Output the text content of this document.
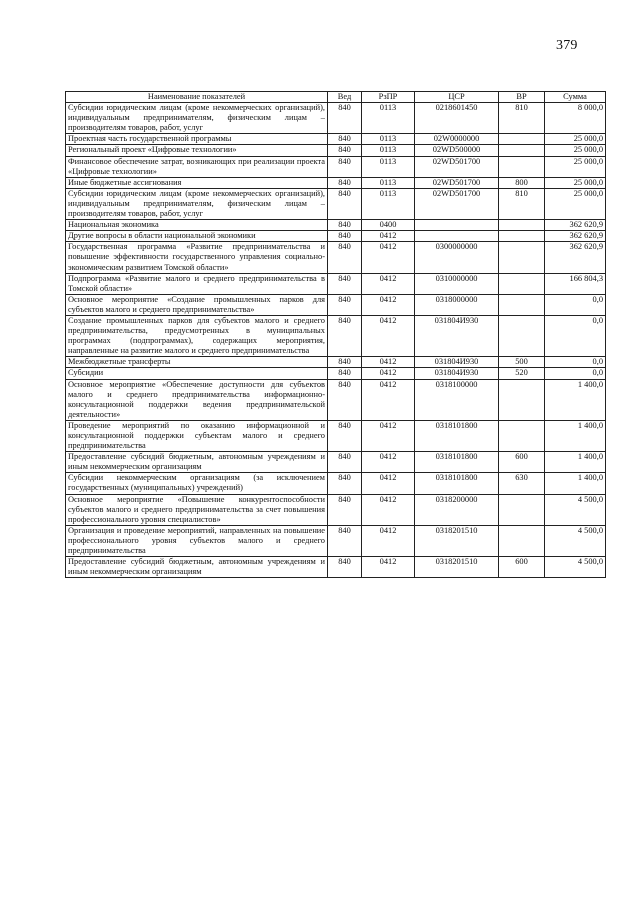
379
Наименование показателей	Вед	РзПР	ЦСР	ВР	Сумма
Субсидии юридическим лицам (кроме некоммерческих организаций), индивидуальным предпринимателям, физическим лицам – производителям товаров, работ, услуг	840	0113	0218601450	810	8 000,0
Проектная часть государственной программы	840	0113	02W0000000		25 000,0
Региональный проект «Цифровые технологии»	840	0113	02WD500000		25 000,0
Финансовое обеспечение затрат, возникающих при реализации проекта «Цифровые технологии»	840	0113	02WD501700		25 000,0
Иные бюджетные ассигнования	840	0113	02WD501700	800	25 000,0
Субсидии юридическим лицам (кроме некоммерческих организаций), индивидуальным предпринимателям, физическим лицам – производителям товаров, работ, услуг	840	0113	02WD501700	810	25 000,0
Национальная экономика	840	0400			362 620,9
Другие вопросы в области национальной экономики	840	0412			362 620,9
Государственная программа «Развитие предпринимательства и повышение эффективности государственного управления социально-экономическим развитием Томской области»	840	0412	0300000000		362 620,9
Подпрограмма «Развитие малого и среднего предпринимательства в Томской области»	840	0412	0310000000		166 804,3
Основное мероприятие «Создание промышленных парков для субъектов малого и среднего предпринимательства»	840	0412	0318000000		0,0
Создание промышленных парков для субъектов малого и среднего предпринимательства, предусмотренных в муниципальных программах (подпрограммах), содержащих мероприятия, направленные на развитие малого и среднего предпринимательства	840	0412	031804И930		0,0
Межбюджетные трансферты	840	0412	031804И930	500	0,0
Субсидии	840	0412	031804И930	520	0,0
Основное мероприятие «Обеспечение доступности для субъектов малого и среднего предпринимательства информационно-консультационной поддержки ведения предпринимательской деятельности»	840	0412	0318100000		1 400,0
Проведение мероприятий по оказанию информационной и консультационной поддержки субъектам малого и среднего предпринимательства	840	0412	0318101800		1 400,0
Предоставление субсидий бюджетным, автономным учреждениям и иным некоммерческим организациям	840	0412	0318101800	600	1 400,0
Субсидии некоммерческим организациям (за исключением государственных (муниципальных) учреждений)	840	0412	0318101800	630	1 400,0
Основное мероприятие «Повышение конкурентоспособности субъектов малого и среднего предпринимательства за счет повышения профессионального уровня специалистов»	840	0412	0318200000		4 500,0
Организация и проведение мероприятий, направленных на повышение профессионального уровня субъектов малого и среднего предпринимательства	840	0412	0318201510		4 500,0
Предоставление субсидий бюджетным, автономным учреждениям и иным некоммерческим организациям	840	0412	0318201510	600	4 500,0
